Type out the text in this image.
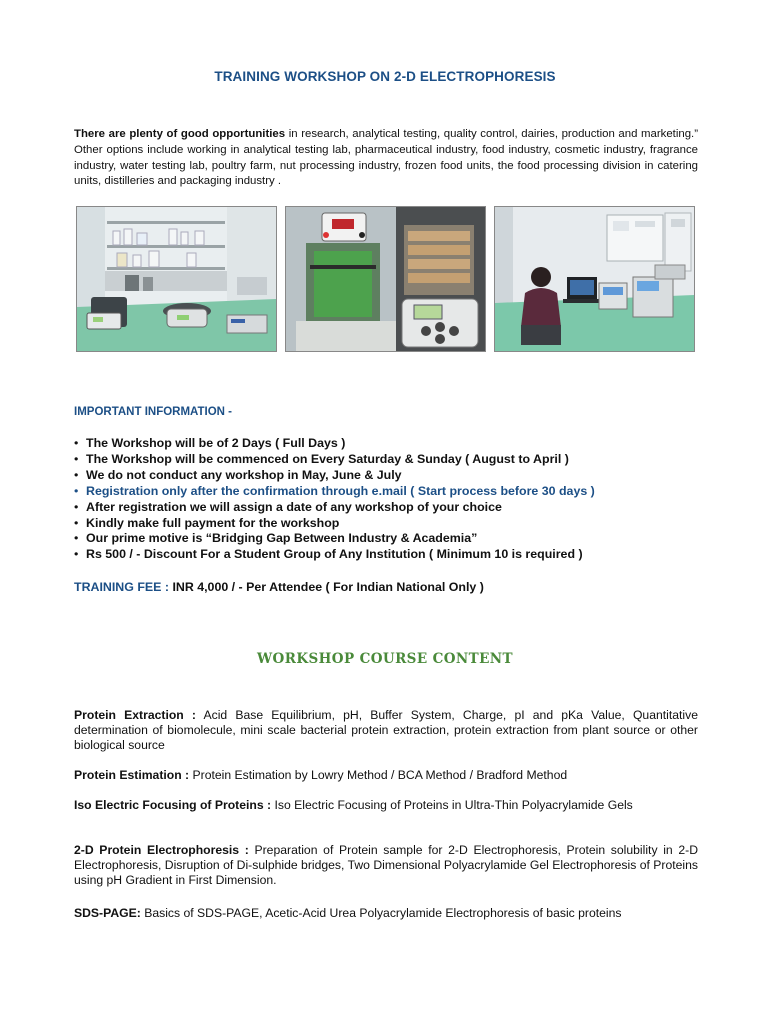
TRAINING WORKSHOP ON 2-D ELECTROPHORESIS

There are plenty of good opportunities in research, analytical testing, quality control, dairies, production and marketing.” Other options include working in analytical testing lab, pharmaceutical industry, food industry, cosmetic industry, fragrance industry, water testing lab, poultry farm, nut processing industry, frozen food units, the food processing division in catering units, distilleries and packaging industry .

IMPORTANT INFORMATION -
• The Workshop will be of 2 Days ( Full Days )
• The Workshop will be commenced on Every Saturday & Sunday ( August to April )
• We do not conduct any workshop in May, June & July
• Registration only after the confirmation through e.mail ( Start process before 30 days )
• After registration we will assign a date of any workshop of your choice
• Kindly make full payment for the workshop
• Our prime motive is “Bridging Gap Between Industry & Academia”
• Rs 500 / - Discount For a Student Group of Any Institution ( Minimum 10 is required )
TRAINING FEE : INR 4,000 / - Per Attendee ( For Indian National Only )
WORKSHOP COURSE CONTENT

Protein Extraction : Acid Base Equilibrium, pH, Buffer System, Charge, pI and pKa Value, Quantitative determination of biomolecule, mini scale bacterial protein extraction, protein extraction from plant source or other biological source

Protein Estimation : Protein Estimation by Lowry Method / BCA Method / Bradford Method

Iso Electric Focusing of Proteins : Iso Electric Focusing of Proteins in Ultra-Thin Polyacrylamide Gels

2-D Protein Electrophoresis : Preparation of Protein sample for 2-D Electrophoresis, Protein solubility in 2-D Electrophoresis, Disruption of Di-sulphide bridges, Two Dimensional Polyacrylamide Gel Electrophoresis of Proteins using pH Gradient in First Dimension.

SDS-PAGE: Basics of SDS-PAGE, Acetic-Acid Urea Polyacrylamide Electrophoresis of basic proteins
